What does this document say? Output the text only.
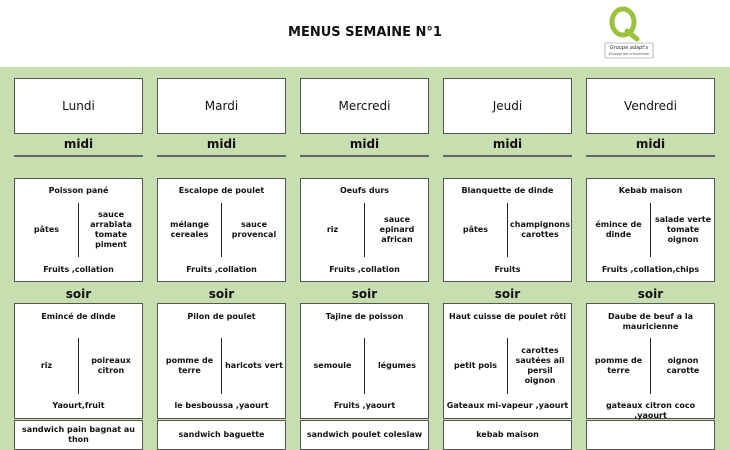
MENUS SEMAINE N°1
Groupe adapt's
Entreprise d'insertion
Lundi
midi
Poisson pané
pâtes
sauce arrabiata tomate piment
Fruits ,collation
soir
Emincé de dinde
riz
poireaux citron
Yaourt,fruit
sandwich pain bagnat au thon
Mardi
midi
Escalope de poulet
mélange cereales
sauce provencal
Fruits ,collation
soir
Pilon de poulet
pomme de terre
haricots vert
le besboussa ,yaourt
sandwich baguette
Mercredi
midi
Oeufs durs
riz
sauce epinard african
Fruits ,collation
soir
Tajine de poisson
semoule	légumes
Fruits ,yaourt
sandwich poulet coleslaw
Jeudi
midi
Blanquette de dinde
pâtes
champignons carottes
Fruits
soir
Haut cuisse de poulet rôti
petit pois
carottes sautées ail persil oignon
Gateaux mi-vapeur ,yaourt
kebab maison
Vendredi
midi
Kebab maison
émince de dinde
salade verte tomate oignon
Fruits ,collation,chips
soir
Daube de beuf a la mauricienne
pomme de terre
oignon carotte
gateaux citron coco ,yaourt
